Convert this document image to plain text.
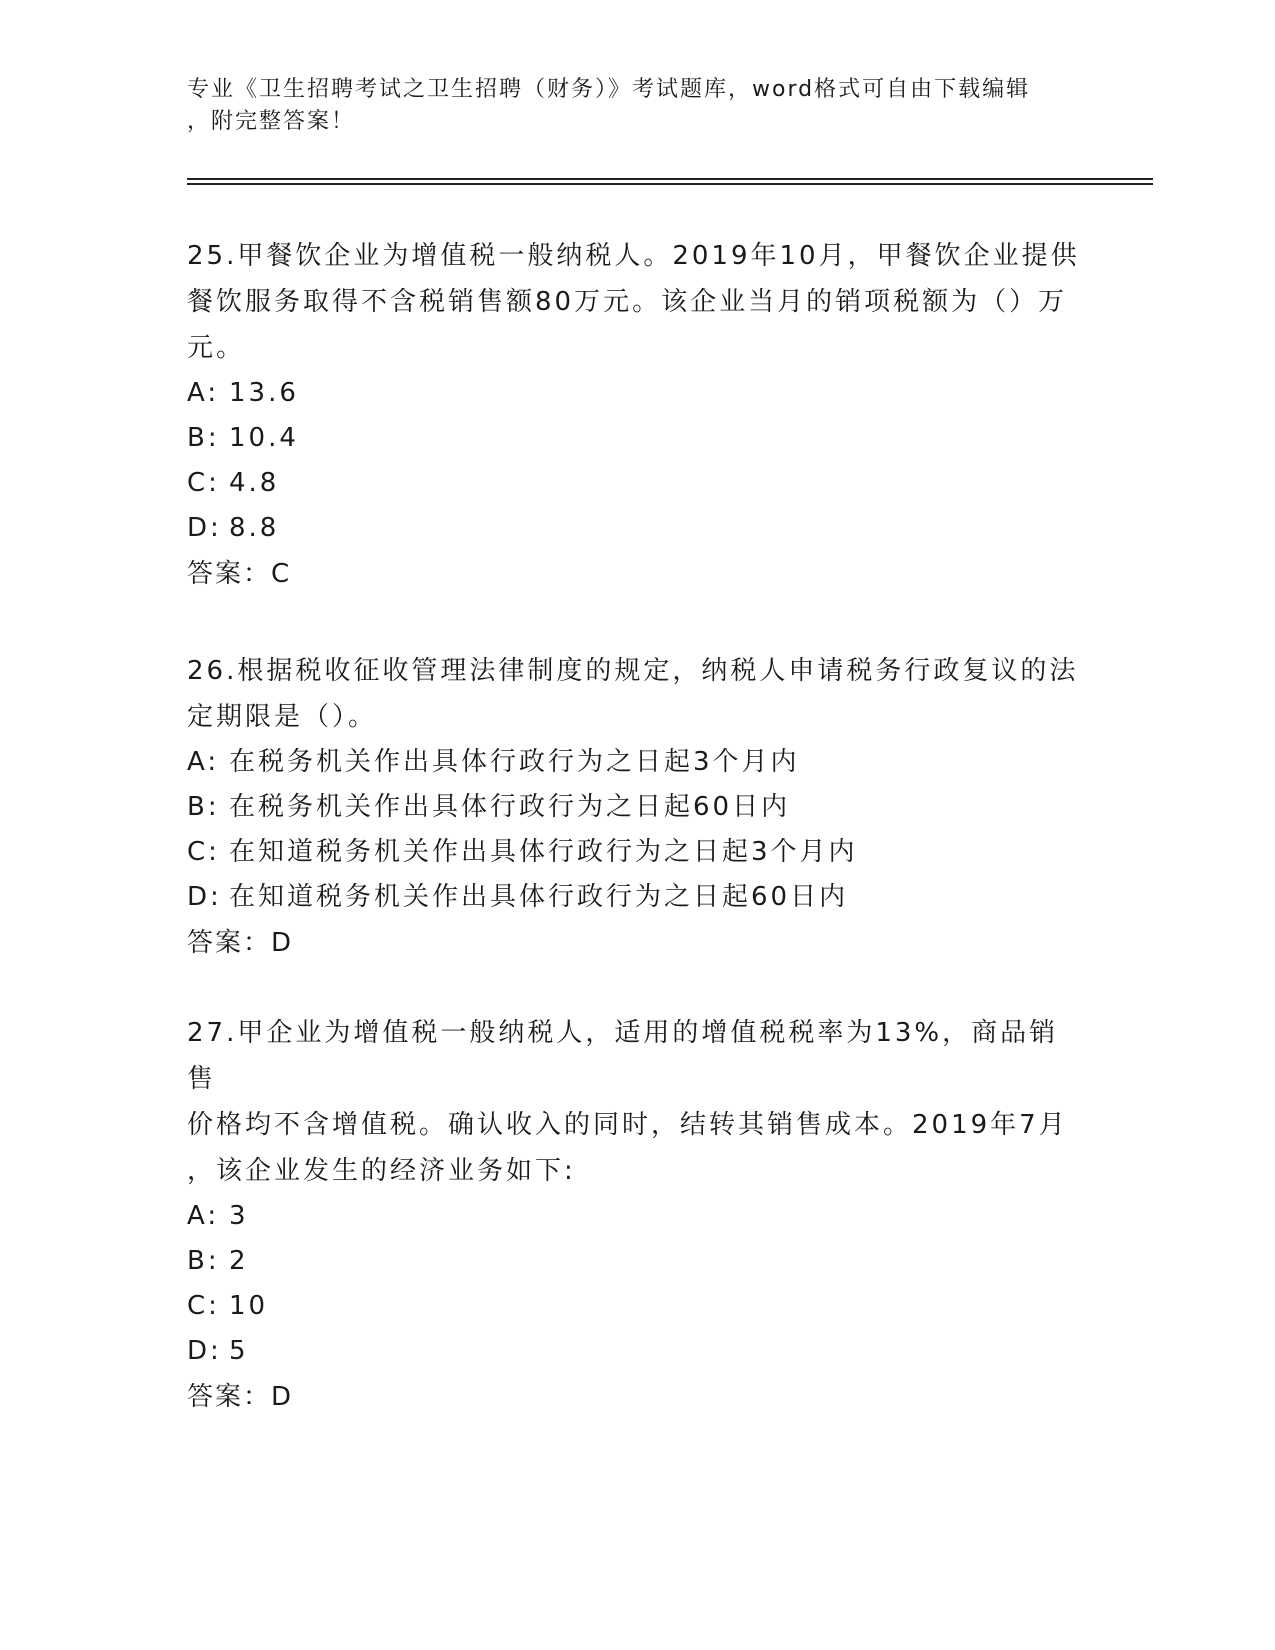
专业《卫生招聘考试之卫生招聘（财务）》考试题库，word格式可自由下载编辑
，附完整答案！

25.甲餐饮企业为增值税一般纳税人。2019年10月，甲餐饮企业提供

餐饮服务取得不含税销售额80万元。该企业当月的销项税额为（）万

元。

A: 13.6

B: 10.4

C: 4.8

D: 8.8

答案：C

26.根据税收征收管理法律制度的规定，纳税人申请税务行政复议的法

定期限是（）。

A: 在税务机关作出具体行政行为之日起3个月内

B: 在税务机关作出具体行政行为之日起60日内

C: 在知道税务机关作出具体行政行为之日起3个月内

D: 在知道税务机关作出具体行政行为之日起60日内

答案：D

27.甲企业为增值税一般纳税人，适用的增值税税率为13%，商品销售

价格均不含增值税。确认收入的同时，结转其销售成本。2019年7月

，该企业发生的经济业务如下:

A: 3

B: 2

C: 10

D: 5

答案：D
